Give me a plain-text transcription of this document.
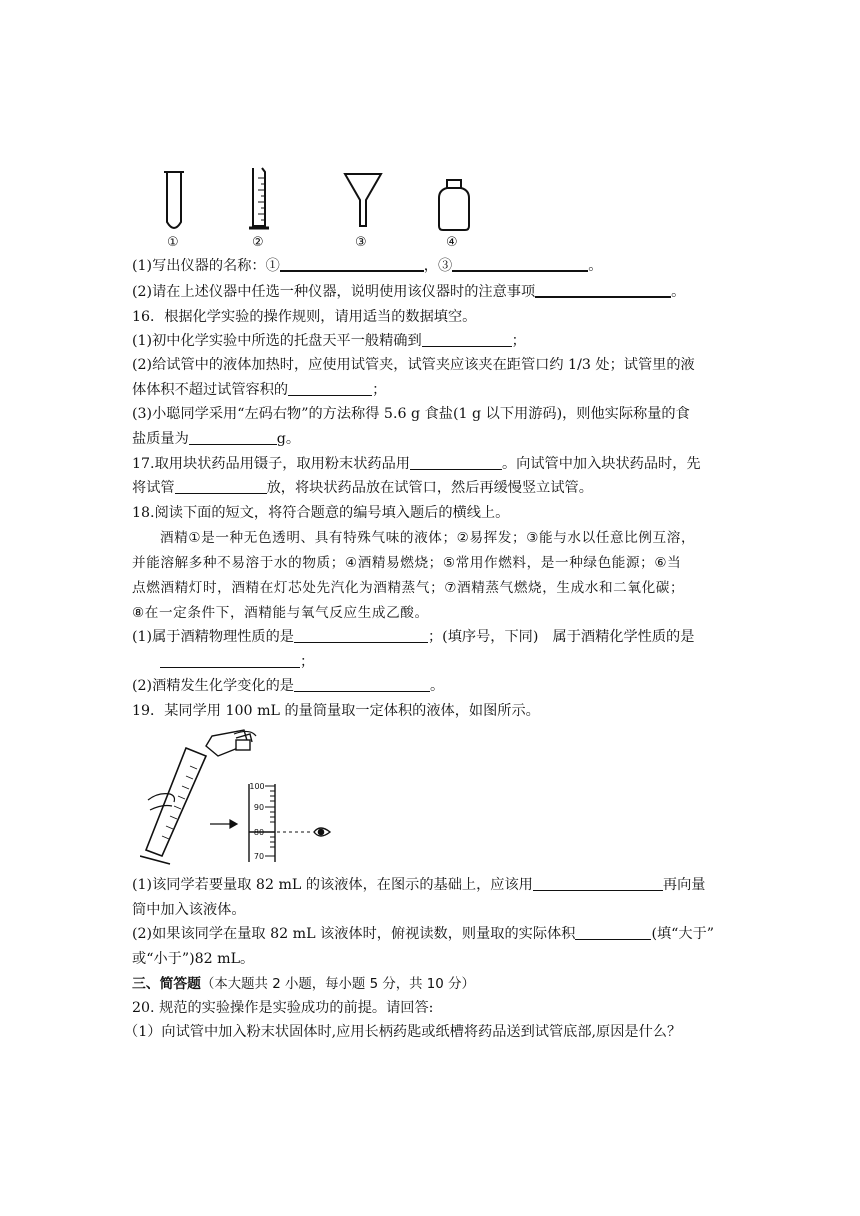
①	②	③	④
(1)写出仪器的名称：①	，③	。
(2)请在上述仪器中任选一种仪器，说明使用该仪器时的注意事项	。
16．根据化学实验的操作规则，请用适当的数据填空。
(1)初中化学实验中所选的托盘天平一般精确到	；
(2)给试管中的液体加热时，应使用试管夹，试管夹应该夹在距管口约 1/3 处；试管里的液
体体积不超过试管容积的	；
(3)小聪同学采用“左码右物”的方法称得 5.6 g 食盐(1 g 以下用游码)，则他实际称量的食
盐质量为	g。
17.取用块状药品用镊子，取用粉末状药品用	。向试管中加入块状药品时，先
将试管	放，将块状药品放在试管口，然后再缓慢竖立试管。
18.阅读下面的短文，将符合题意的编号填入题后的横线上。
酒精①是一种无色透明、具有特殊气味的液体；②易挥发；③能与水以任意比例互溶，
并能溶解多种不易溶于水的物质；④酒精易燃烧；⑤常用作燃料，是一种绿色能源；⑥当
点燃酒精灯时，酒精在灯芯处先汽化为酒精蒸气；⑦酒精蒸气燃烧，生成水和二氧化碳；
⑧在一定条件下，酒精能与氧气反应生成乙酸。
(1)属于酒精物理性质的是	；(填序号，下同)　属于酒精化学性质的是
；
(2)酒精发生化学变化的是	。
19．某同学用 100 mL 的量筒量取一定体积的液体，如图所示。
100
90
80
70
(1)该同学若要量取 82 mL 的该液体，在图示的基础上，应该用	再向量
筒中加入该液体。
(2)如果该同学在量取 82 mL 该液体时，俯视读数，则量取的实际体积	(填“大于”
或“小于”)82 mL。
三、简答题（本大题共 2 小题，每小题 5 分，共 10 分）
20. 规范的实验操作是实验成功的前提。请回答:
（1）向试管中加入粉末状固体时,应用长柄药匙或纸槽将药品送到试管底部,原因是什么？
